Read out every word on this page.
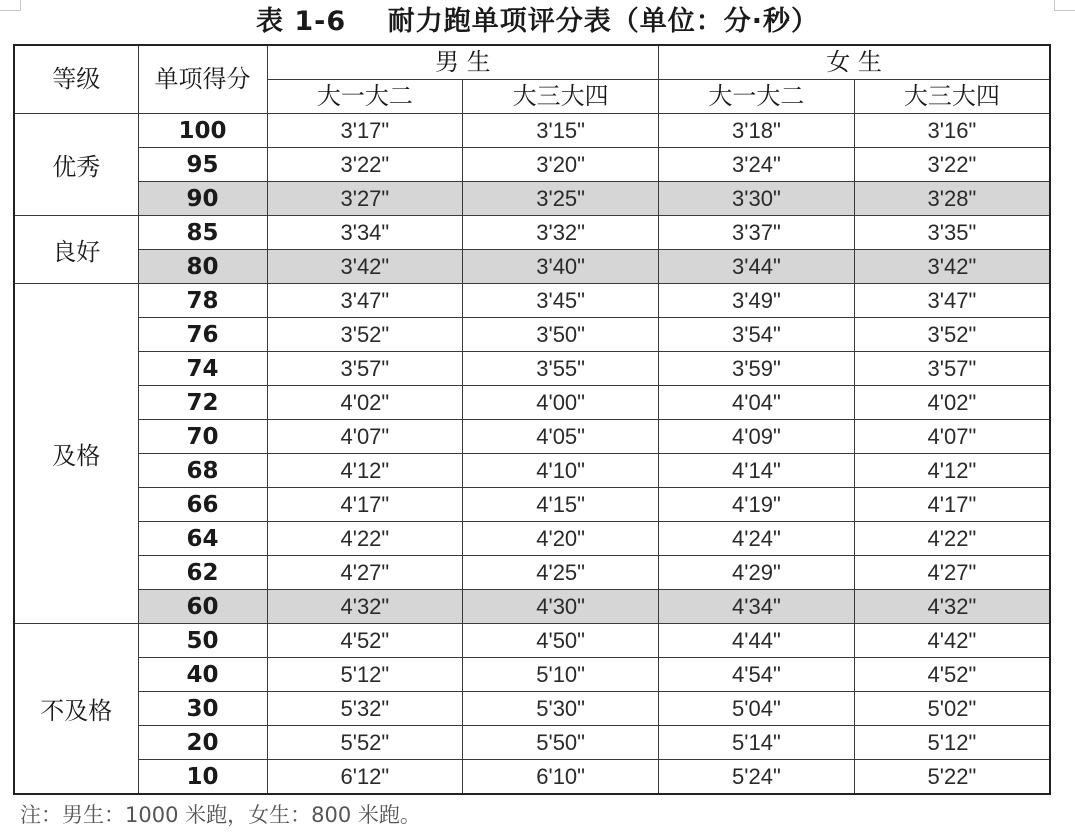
表 1-6    耐力跑单项评分表（单位：分·秒）
等级	单项得分	男 生		女 生	
		大一大二	大三大四	大一大二	大三大四
优秀	100	3'17"	3'15"	3'18"	3'16"
	95	3'22"	3'20"	3'24"	3'22"
	90	3'27"	3'25"	3'30"	3'28"
良好	85	3'34"	3'32"	3'37"	3'35"
	80	3'42"	3'40"	3'44"	3'42"
及格	78	3'47"	3'45"	3'49"	3'47"
	76	3'52"	3'50"	3'54"	3'52"
	74	3'57"	3'55"	3'59"	3'57"
	72	4'02"	4'00"	4'04"	4'02"
	70	4'07"	4'05"	4'09"	4'07"
	68	4'12"	4'10"	4'14"	4'12"
	66	4'17"	4'15"	4'19"	4'17"
	64	4'22"	4'20"	4'24"	4'22"
	62	4'27"	4'25"	4'29"	4'27"
	60	4'32"	4'30"	4'34"	4'32"
不及格	50	4'52"	4'50"	4'44"	4'42"
	40	5'12"	5'10"	4'54"	4'52"
	30	5'32"	5'30"	5'04"	5'02"
	20	5'52"	5'50"	5'14"	5'12"
	10	6'12"	6'10"	5'24"	5'22"
注：男生：1000 米跑，女生：800 米跑。
